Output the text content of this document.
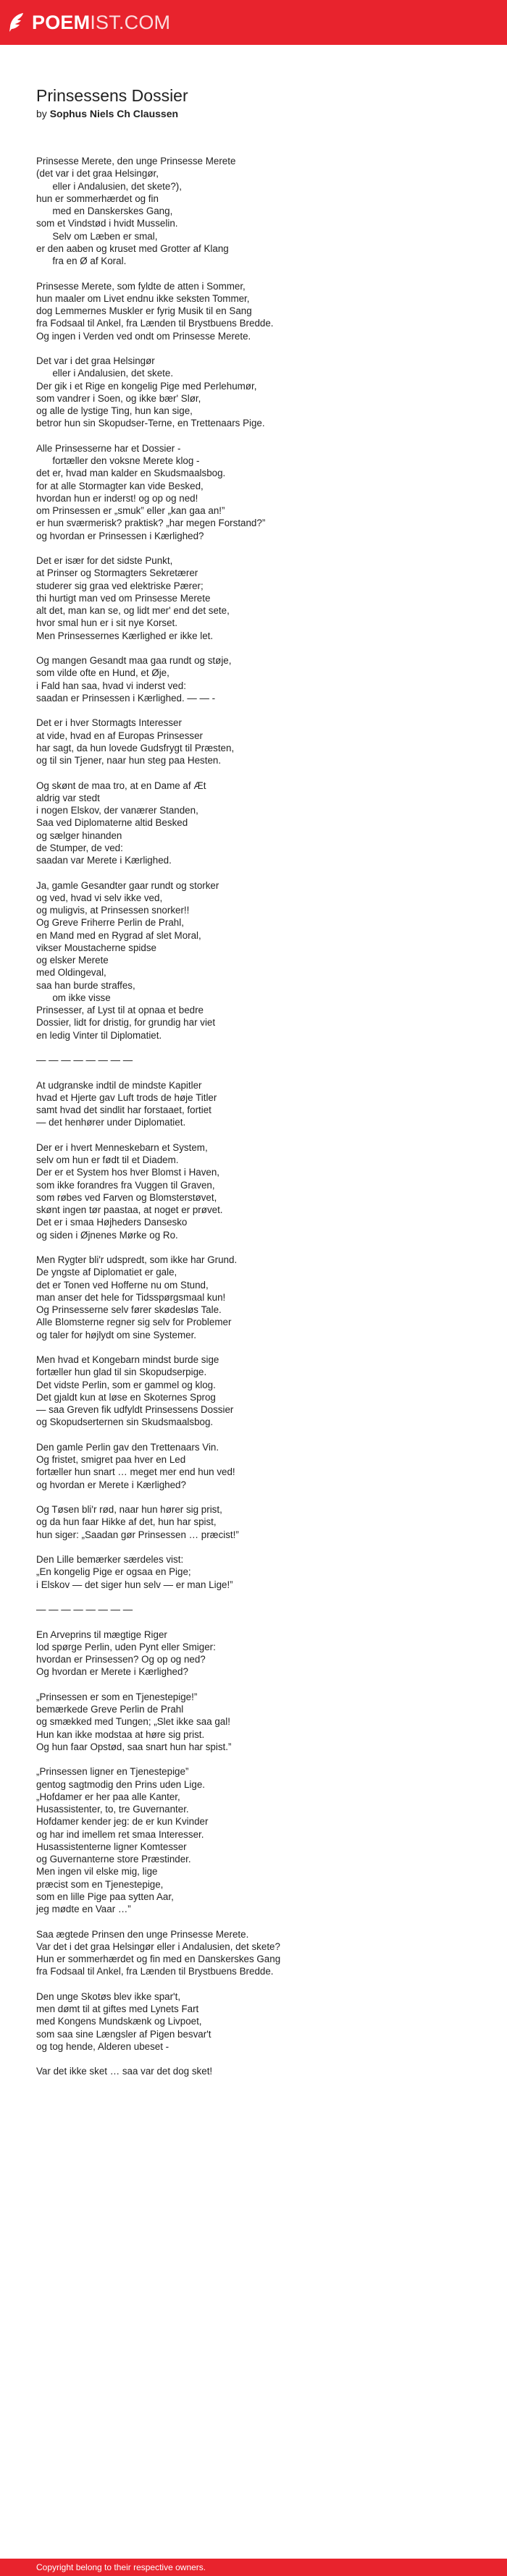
POEM IST.COM
Prinsessens Dossier
by Sophus Niels Ch Claussen
Prinsesse Merete, den unge Prinsesse Merete
(det var i det graa Helsingør,
eller i Andalusien, det skete?),
hun er sommerhærdet og fin
med en Danskerskes Gang,
som et Vindstød i hvidt Musselin.
Selv om Læben er smal,
er den aaben og kruset med Grotter af Klang
fra en Ø af Koral.
Prinsesse Merete, som fyldte de atten i Sommer,
hun maaler om Livet endnu ikke seksten Tommer,
dog Lemmernes Muskler er fyrig Musik til en Sang
fra Fodsaal til Ankel, fra Lænden til Brystbuens Bredde.
Og ingen i Verden ved ondt om Prinsesse Merete.
Det var i det graa Helsingør
eller i Andalusien, det skete.
Der gik i et Rige en kongelig Pige med Perlehumør,
som vandrer i Soen, og ikke bær' Slør,
og alle de lystige Ting, hun kan sige,
betror hun sin Skopudser-Terne, en Trettenaars Pige.
Alle Prinsesserne har et Dossier -
fortæller den voksne Merete klog -
det er, hvad man kalder en Skudsmaalsbog.
for at alle Stormagter kan vide Besked,
hvordan hun er inderst! og op og ned!
om Prinsessen er „smuk” eller „kan gaa an!”
er hun sværmerisk? praktisk? „har megen Forstand?”
og hvordan er Prinsessen i Kærlighed?
Det er især for det sidste Punkt,
at Prinser og Stormagters Sekretærer
studerer sig graa ved elektriske Pærer;
thi hurtigt man ved om Prinsesse Merete
alt det, man kan se, og lidt mer' end det sete,
hvor smal hun er i sit nye Korset.
Men Prinsessernes Kærlighed er ikke let.
Og mangen Gesandt maa gaa rundt og støje,
som vilde ofte en Hund, et Øje,
i Fald han saa, hvad vi inderst ved:
saadan er Prinsessen i Kærlighed. — — -
Det er i hver Stormagts Interesser
at vide, hvad en af Europas Prinsesser
har sagt, da hun lovede Gudsfrygt til Præsten,
og til sin Tjener, naar hun steg paa Hesten.
Og skønt de maa tro, at en Dame af Æt
aldrig var stedt
i nogen Elskov, der vanærer Standen,
Saa ved Diplomaterne altid Besked
og sælger hinanden
de Stumper, de ved:
saadan var Merete i Kærlighed.
Ja, gamle Gesandter gaar rundt og storker
og ved, hvad vi selv ikke ved,
og muligvis, at Prinsessen snorker!!
Og Greve Friherre Perlin de Prahl,
en Mand med en Rygrad af slet Moral,
vikser Moustacherne spidse
og elsker Merete
med Oldingeval,
saa han burde straffes,
om ikke visse
Prinsesser, af Lyst til at opnaa et bedre
Dossier, lidt for dristig, for grundig har viet
en ledig Vinter til Diplomatiet.
— — — — — — — —
At udgranske indtil de mindste Kapitler
hvad et Hjerte gav Luft trods de høje Titler
samt hvad det sindlit har forstaaet, fortiet
— det henhører under Diplomatiet.
Der er i hvert Menneskebarn et System,
selv om hun er født til et Diadem.
Der er et System hos hver Blomst i Haven,
som ikke forandres fra Vuggen til Graven,
som røbes ved Farven og Blomsterstøvet,
skønt ingen tør paastaa, at noget er prøvet.
Det er i smaa Højheders Dansesko
og siden i Øjnenes Mørke og Ro.
Men Rygter bli'r udspredt, som ikke har Grund.
De yngste af Diplomatiet er gale,
det er Tonen ved Hofferne nu om Stund,
man anser det hele for Tidsspørgsmaal kun!
Og Prinsesserne selv fører skødesløs Tale.
Alle Blomsterne regner sig selv for Problemer
og taler for højlydt om sine Systemer.
Men hvad et Kongebarn mindst burde sige
fortæller hun glad til sin Skopudserpige.
Det vidste Perlin, som er gammel og klog.
Det gjaldt kun at løse en Skoternes Sprog
— saa Greven fik udfyldt Prinsessens Dossier
og Skopudserternen sin Skudsmaalsbog.
Den gamle Perlin gav den Trettenaars Vin.
Og fristet, smigret paa hver en Led
fortæller hun snart … meget mer end hun ved!
og hvordan er Merete i Kærlighed?
Og Tøsen bli'r rød, naar hun hører sig prist,
og da hun faar Hikke af det, hun har spist,
hun siger: „Saadan gør Prinsessen … præcist!”
Den Lille bemærker særdeles vist:
„En kongelig Pige er ogsaa en Pige;
i Elskov — det siger hun selv — er man Lige!”
— — — — — — — —
En Arveprins til mægtige Riger
lod spørge Perlin, uden Pynt eller Smiger:
hvordan er Prinsessen? Og op og ned?
Og hvordan er Merete i Kærlighed?
„Prinsessen er som en Tjenestepige!”
bemærkede Greve Perlin de Prahl
og smækked med Tungen; „Slet ikke saa gal!
Hun kan ikke modstaa at høre sig prist.
Og hun faar Opstød, saa snart hun har spist.”
„Prinsessen ligner en Tjenestepige”
gentog sagtmodig den Prins uden Lige.
„Hofdamer er her paa alle Kanter,
Husassistenter, to, tre Guvernanter.
Hofdamer kender jeg: de er kun Kvinder
og har ind imellem ret smaa Interesser.
Husassistenterne ligner Komtesser
og Guvernanterne store Præstinder.
Men ingen vil elske mig, lige
præcist som en Tjenestepige,
som en lille Pige paa sytten Aar,
jeg mødte en Vaar …”
Saa ægtede Prinsen den unge Prinsesse Merete.
Var det i det graa Helsingør eller i Andalusien, det skete?
Hun er sommerhærdet og fin med en Danskerskes Gang
fra Fodsaal til Ankel, fra Lænden til Brystbuens Bredde.
Den unge Skotøs blev ikke spar't,
men dømt til at giftes med Lynets Fart
med Kongens Mundskænk og Livpoet,
som saa sine Længsler af Pigen besvar't
og tog hende, Alderen ubeset -
Var det ikke sket … saa var det dog sket!
Copyright belong to their respective owners.
